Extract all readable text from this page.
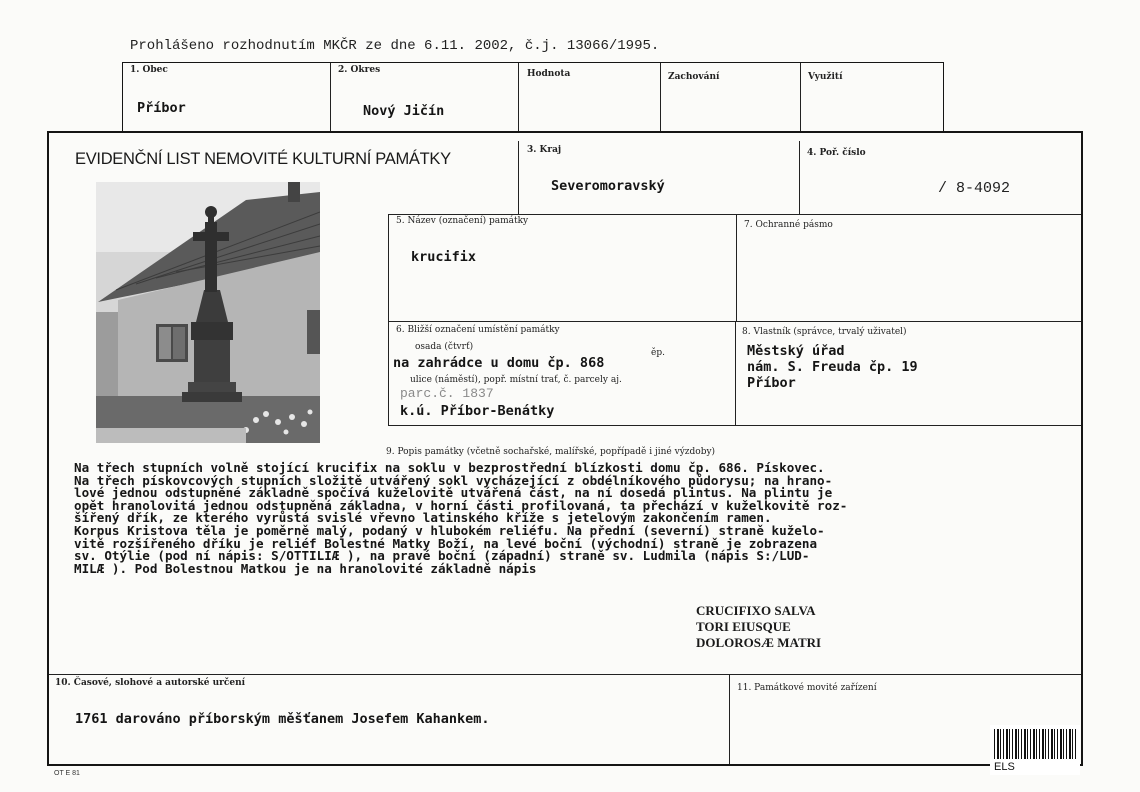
Prohlášeno rozhodnutím MKČR ze dne 6.11. 2002, č.j. 13066/1995.
1. Obec
Příbor
2. Okres
Nový Jičín
Hodnota	Zachování	Využití
EVIDENČNÍ LIST NEMOVITÉ KULTURNÍ PAMÁTKY	3. Kraj
Severomoravský
4. Poř. číslo
/ 8-4092
5. Název (označení) památky
krucifix
7. Ochranné pásmo
6. Bližší označení umístění památky
osada (čtvrť)
na zahrádce u domu čp. 868
ěp.
ulice (náměstí), popř. místní trať, č. parcely aj.
parc.č. 1837
k.ú. Příbor-Benátky
8. Vlastník (správce, trvalý uživatel)
Městský úřad
nám. S. Freuda čp. 19
Příbor
9. Popis památky (včetně sochařské, malířské, popřípadě i jiné výzdoby)
Na třech stupních volně stojící krucifix na soklu v bezprostřední blízkosti domu čp. 686. Pískovec.
Na třech pískovcových stupních složitě utvářený sokl vycházející z obdélníkového půdorysu; na hrano-
lové jednou odstupněné základně spočívá kuželovitě utvářená část, na ní dosedá plintus. Na plintu je
opět hranolovitá jednou odstupněná základna, v horní části profilovaná, ta přechází v kuželkovitě roz-
šířený dřík, ze kterého vyrůstá svislé vřevno latinského kříže s jetelovým zakončením ramen.
Korpus Kristova těla je poměrně malý, podaný v hlubokém reliéfu. Na přední (severní) straně kuželo-
vitě rozšířeného dříku je reliéf Bolestné Matky Boží, na levé boční (východní) straně je zobrazena
sv. Otýlie (pod ní nápis: S/OTTILIÆ ), na pravé boční (západní) straně sv. Ludmila (nápis S:/LUD-
MILÆ ). Pod Bolestnou Matkou je na hranolovité základně nápis
CRUCIFIXO SALVA
TORI EIUSQUE
DOLOROSÆ MATRI
10. Časové, slohové a autorské určení
1761 darováno příborským měšťanem Josefem Kahankem.
11. Památkové movité zařízení
OT E 81
ELS
